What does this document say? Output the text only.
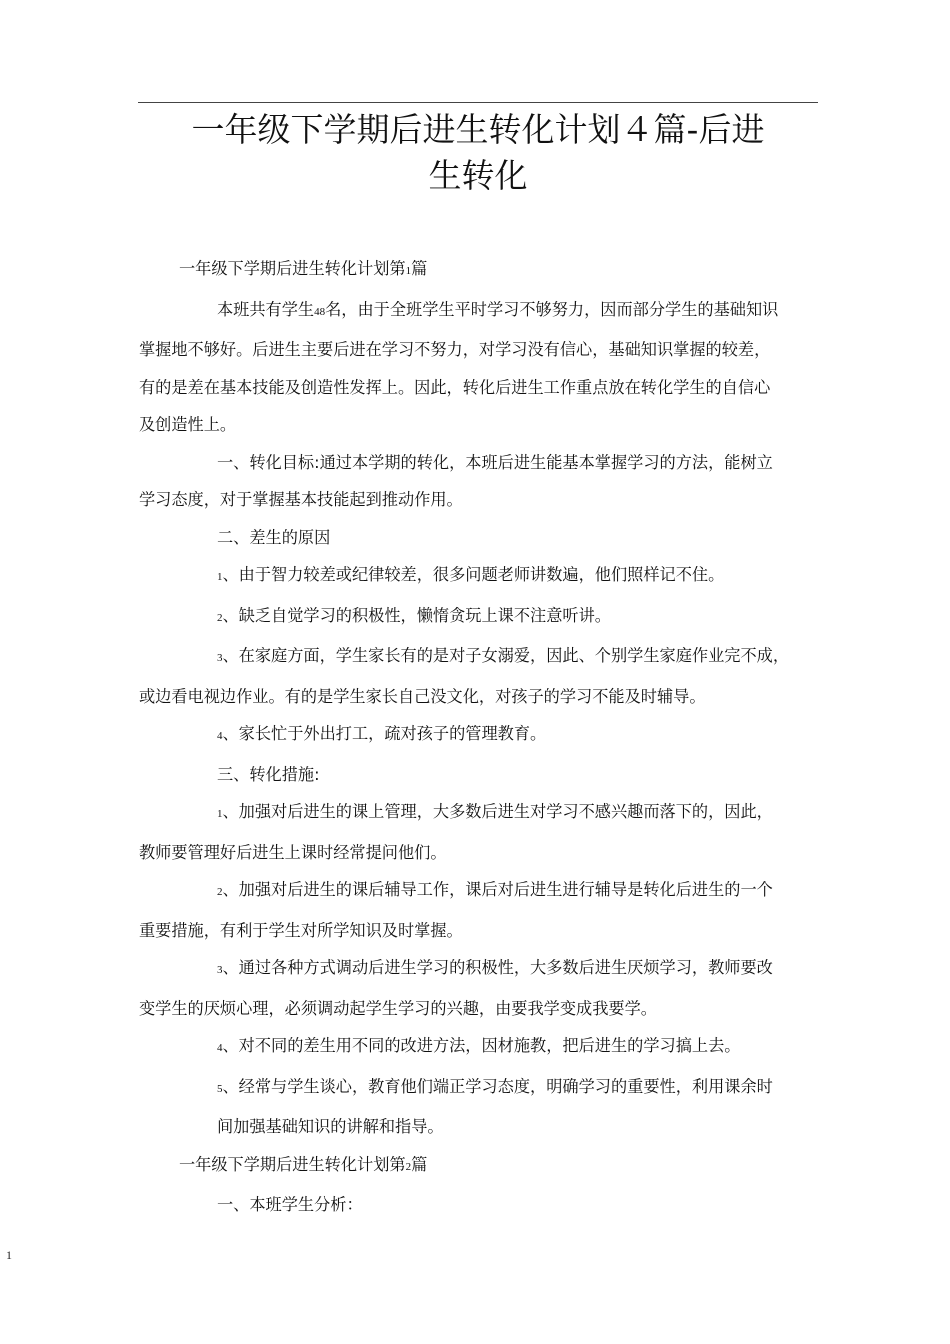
一年级下学期后进生转化计划４篇-后进
生转化

一年级下学期后进生转化计划第1篇

本班共有学生48名，由于全班学生平时学习不够努力，因而部分学生的基础知识

掌握地不够好。后进生主要后进在学习不努力，对学习没有信心，基础知识掌握的较差，

有的是差在基本技能及创造性发挥上。因此，转化后进生工作重点放在转化学生的自信心

及创造性上。

一、转化目标:通过本学期的转化，本班后进生能基本掌握学习的方法，能树立

学习态度，对于掌握基本技能起到推动作用。

二、差生的原因

1、由于智力较差或纪律较差，很多问题老师讲数遍，他们照样记不住。

2、缺乏自觉学习的积极性，懒惰贪玩上课不注意听讲。

3、在家庭方面，学生家长有的是对子女溺爱，因此、个别学生家庭作业完不成，

或边看电视边作业。有的是学生家长自己没文化，对孩子的学习不能及时辅导。

4、家长忙于外出打工，疏对孩子的管理教育。

三、转化措施:

1、加强对后进生的课上管理，大多数后进生对学习不感兴趣而落下的，因此，

教师要管理好后进生上课时经常提问他们。

2、加强对后进生的课后辅导工作，课后对后进生进行辅导是转化后进生的一个

重要措施，有利于学生对所学知识及时掌握。

3、通过各种方式调动后进生学习的积极性，大多数后进生厌烦学习，教师要改

变学生的厌烦心理，必须调动起学生学习的兴趣，由要我学变成我要学。

4、对不同的差生用不同的改进方法，因材施教，把后进生的学习搞上去。

5、经常与学生谈心，教育他们端正学习态度，明确学习的重要性，利用课余时

间加强基础知识的讲解和指导。

一年级下学期后进生转化计划第2篇

一、本班学生分析：

1
